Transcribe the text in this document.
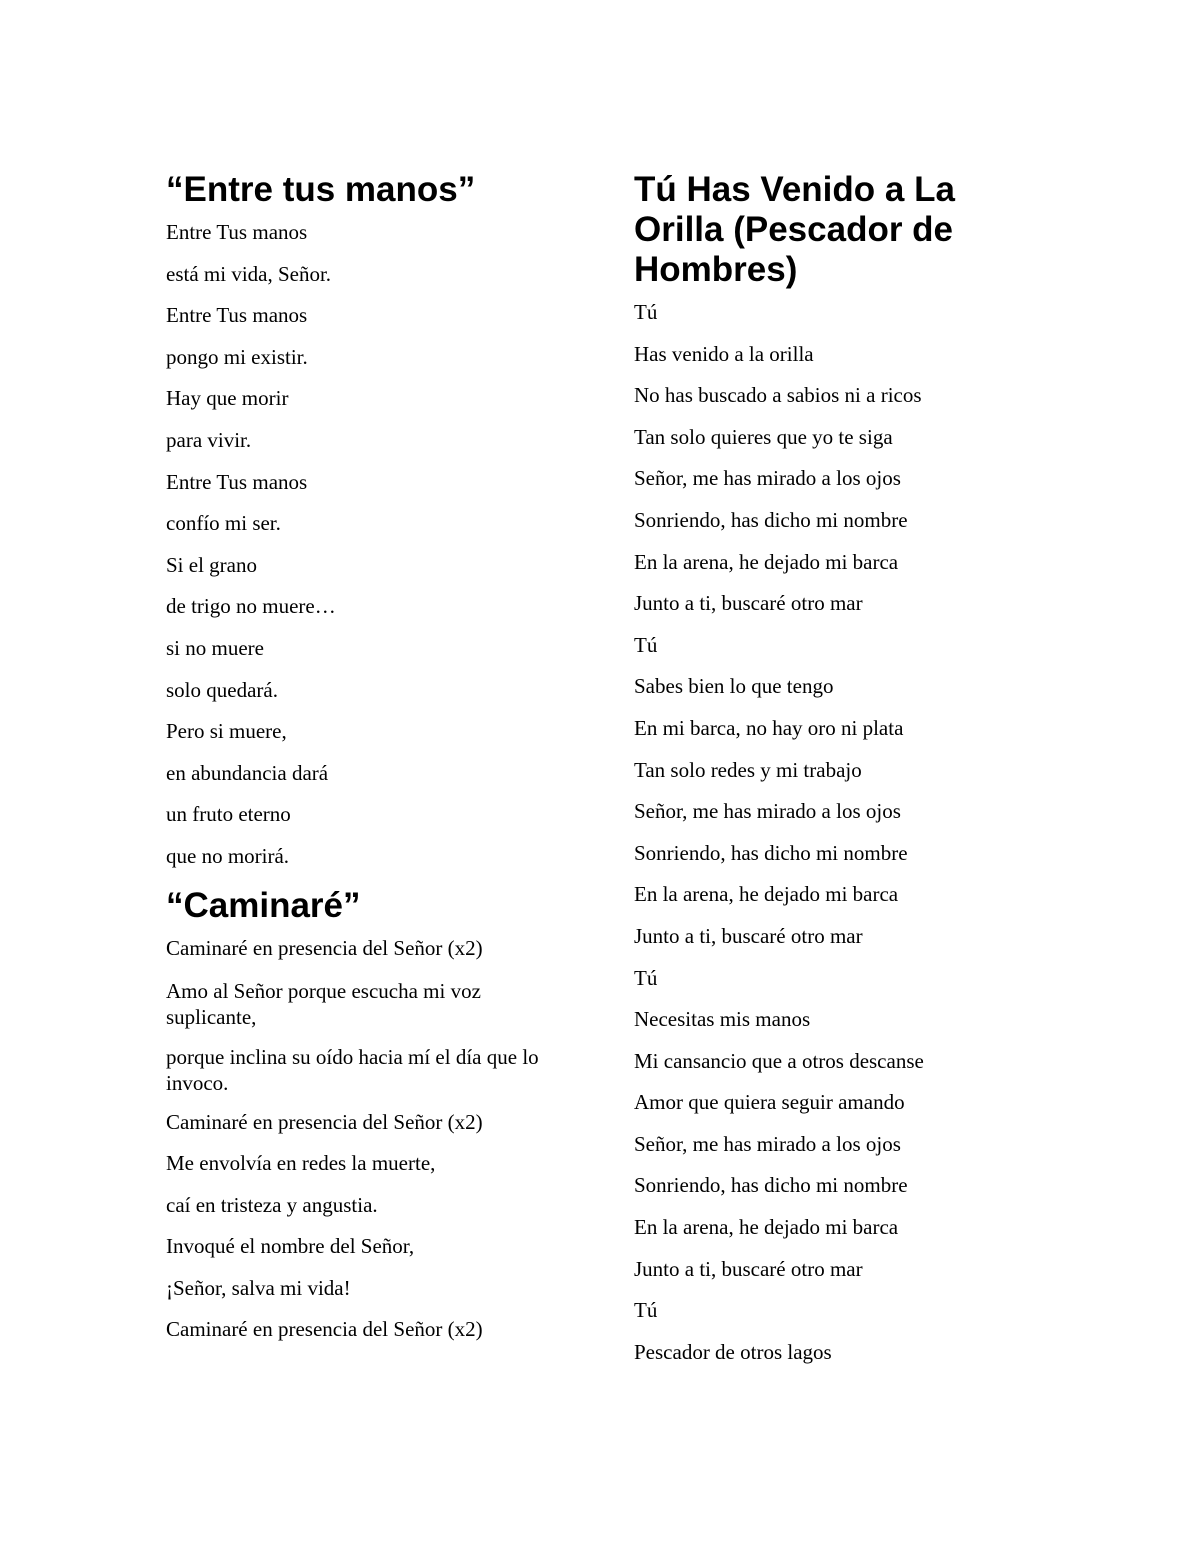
“Entre tus manos”

Entre Tus manos

está mi vida, Señor.

Entre Tus manos

pongo mi existir.

Hay que morir

para vivir.

Entre Tus manos

confío mi ser.

Si el grano

de trigo no muere…

si no muere

solo quedará.

Pero si muere,

en abundancia dará

un fruto eterno

que no morirá.

“Caminaré”

Caminaré en presencia del Señor (x2)

Amo al Señor porque escucha mi voz suplicante,

porque inclina su oído hacia mí el día que lo invoco.

Caminaré en presencia del Señor (x2)

Me envolvía en redes la muerte,

caí en tristeza y angustia.

Invoqué el nombre del Señor,

¡Señor, salva mi vida!

Caminaré en presencia del Señor (x2)

Tú Has Venido a La Orilla (Pescador de Hombres)

Tú

Has venido a la orilla

No has buscado a sabios ni a ricos

Tan solo quieres que yo te siga

Señor, me has mirado a los ojos

Sonriendo, has dicho mi nombre

En la arena, he dejado mi barca

Junto a ti, buscaré otro mar

Tú

Sabes bien lo que tengo

En mi barca, no hay oro ni plata

Tan solo redes y mi trabajo

Señor, me has mirado a los ojos

Sonriendo, has dicho mi nombre

En la arena, he dejado mi barca

Junto a ti, buscaré otro mar

Tú

Necesitas mis manos

Mi cansancio que a otros descanse

Amor que quiera seguir amando

Señor, me has mirado a los ojos

Sonriendo, has dicho mi nombre

En la arena, he dejado mi barca

Junto a ti, buscaré otro mar

Tú

Pescador de otros lagos
